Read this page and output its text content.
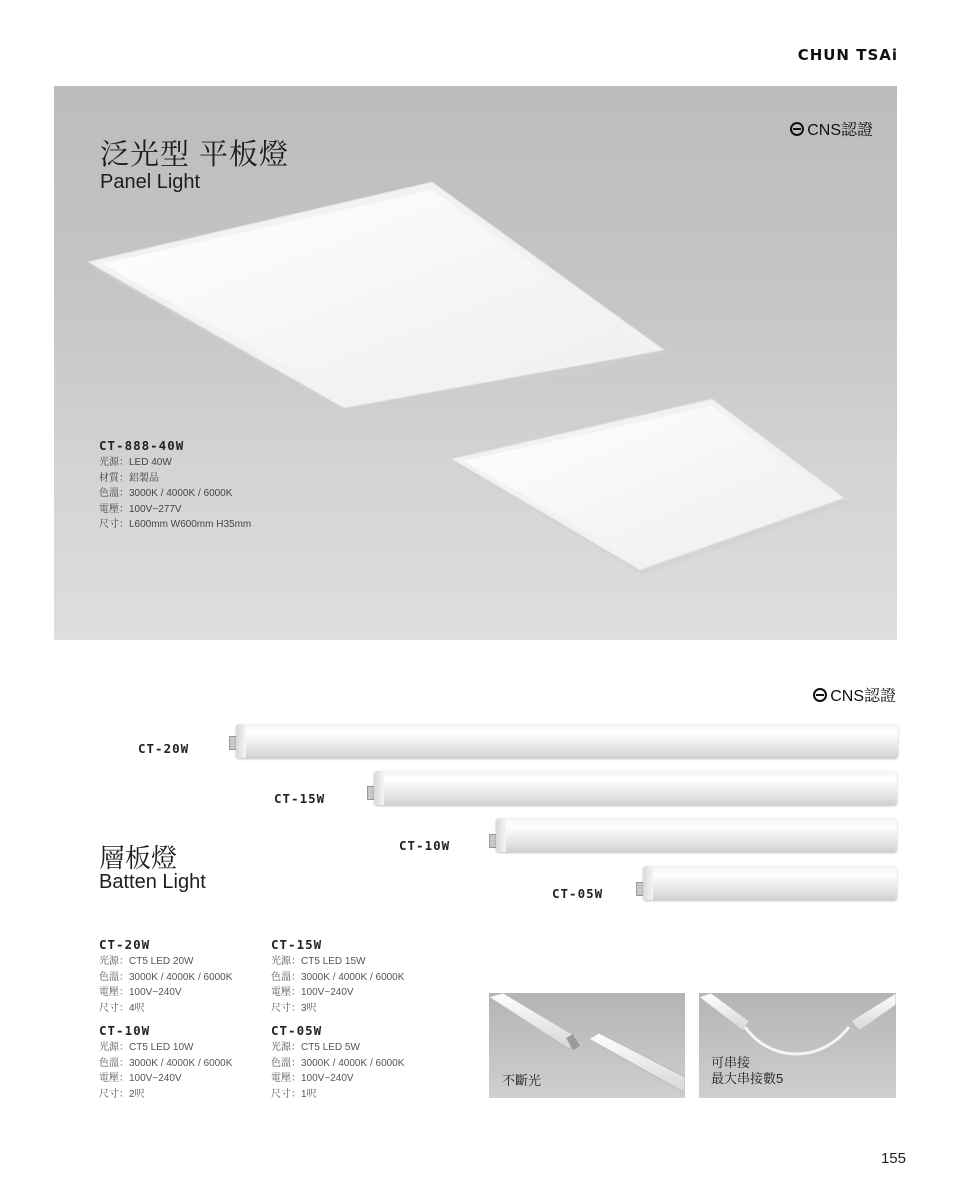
CHUN TSAi
泛光型 平板燈
Panel Light
CNS認證
CT-888-40W
光源：LED 40W
材質：鋁製品
色溫：3000K / 4000K / 6000K
電壓：100V~277V
尺寸：L600mm W600mm H35mm
CNS認證
CT-20W
CT-15W
CT-10W
CT-05W
層板燈
Batten Light
CT-20W
光源：CT5 LED 20W
色溫：3000K / 4000K / 6000K
電壓：100V~240V
尺寸：4呎
CT-15W
光源：CT5 LED 15W
色溫：3000K / 4000K / 6000K
電壓：100V~240V
尺寸：3呎
CT-10W
光源：CT5 LED 10W
色溫：3000K / 4000K / 6000K
電壓：100V~240V
尺寸：2呎
CT-05W
光源：CT5 LED 5W
色溫：3000K / 4000K / 6000K
電壓：100V~240V
尺寸：1呎
不斷光
可串接
最大串接數5
155
